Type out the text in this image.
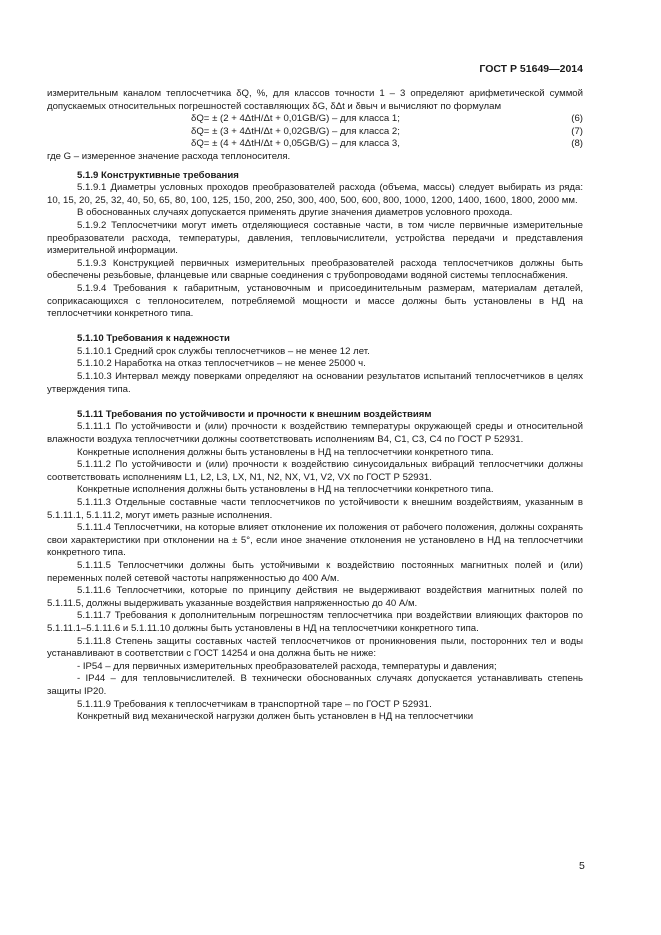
ГОСТ Р 51649—2014

измерительным каналом теплосчетчика δQ, %, для классов точности 1 – 3 определяют арифметической суммой допускаемых относительных погрешностей составляющих δG, δΔt и δвыч и вычисляют по формулам

δQ= ± (2 + 4ΔtН/Δt + 0,01GВ/G) – для класса 1;	(6)
δQ= ± (3 + 4ΔtН/Δt + 0,02GВ/G) – для класса 2;	(7)
δQ= ± (4 + 4ΔtН/Δt + 0,05GВ/G) – для класса 3,	(8)

где G – измеренное значение расхода теплоносителя.

5.1.9 Конструктивные требования

5.1.9.1 Диаметры условных проходов преобразователей расхода (объема, массы) следует выбирать из ряда: 10, 15, 20, 25, 32, 40, 50, 65, 80, 100, 125, 150, 200, 250, 300, 400, 500, 600, 800, 1000, 1200, 1400, 1600, 1800, 2000 мм.

В обоснованных случаях допускается применять другие значения диаметров условного прохода.

5.1.9.2 Теплосчетчики могут иметь отделяющиеся составные части, в том числе первичные измерительные преобразователи расхода, температуры, давления, тепловычислители, устройства передачи и представления измерительной информации.

5.1.9.3 Конструкцией первичных измерительных преобразователей расхода теплосчетчиков должны быть обеспечены резьбовые, фланцевые или сварные соединения с трубопроводами водяной системы теплоснабжения.

5.1.9.4 Требования к габаритным, установочным и присоединительным размерам, материалам деталей, соприкасающихся с теплоносителем, потребляемой мощности и массе должны быть установлены в НД на теплосчетчики конкретного типа.

5.1.10 Требования к надежности

5.1.10.1 Средний срок службы теплосчетчиков – не менее 12 лет.

5.1.10.2 Наработка на отказ теплосчетчиков – не менее 25000 ч.

5.1.10.3 Интервал между поверками определяют на основании результатов испытаний теплосчетчиков в целях утверждения типа.

5.1.11 Требования по устойчивости и прочности к внешним воздействиям

5.1.11.1 По устойчивости и (или) прочности к воздействию температуры окружающей среды и относительной влажности воздуха теплосчетчики должны соответствовать исполнениям В4, С1, С3, С4 по ГОСТ Р 52931.

Конкретные исполнения должны быть установлены в НД на теплосчетчики конкретного типа.

5.1.11.2 По устойчивости и (или) прочности к воздействию синусоидальных вибраций теплосчетчики должны соответствовать исполнениям L1, L2, L3, LX, N1, N2, NX, V1, V2, VX по ГОСТ Р 52931.

Конкретные исполнения должны быть установлены в НД на теплосчетчики конкретного типа.

5.1.11.3 Отдельные составные части теплосчетчиков по устойчивости к внешним воздействиям, указанным в 5.1.11.1, 5.1.11.2, могут иметь разные исполнения.

5.1.11.4 Теплосчетчики, на которые влияет отклонение их положения от рабочего положения, должны сохранять свои характеристики при отклонении на ± 5°, если иное значение отклонения не установлено в НД на теплосчетчики конкретного типа.

5.1.11.5 Теплосчетчики должны быть устойчивыми к воздействию постоянных магнитных полей и (или) переменных полей сетевой частоты напряженностью до 400 А/м.

5.1.11.6 Теплосчетчики, которые по принципу действия не выдерживают воздействия магнитных полей по 5.1.11.5, должны выдерживать указанные воздействия напряженностью до 40 А/м.

5.1.11.7 Требования к дополнительным погрешностям теплосчетчика при воздействии влияющих факторов по 5.1.11.1–5.1.11.6 и 5.1.11.10 должны быть установлены в НД на теплосчетчики конкретного типа.

5.1.11.8 Степень защиты составных частей теплосчетчиков от проникновения пыли, посторонних тел и воды устанавливают в соответствии с ГОСТ 14254 и она должна быть не ниже:

- IP54 – для первичных измерительных преобразователей расхода, температуры и давления;

- IP44 – для тепловычислителей. В технически обоснованных случаях допускается устанавливать степень защиты IP20.

5.1.11.9 Требования к теплосчетчикам в транспортной таре – по ГОСТ Р 52931.

Конкретный вид механической нагрузки должен быть установлен в НД на теплосчетчики

5
